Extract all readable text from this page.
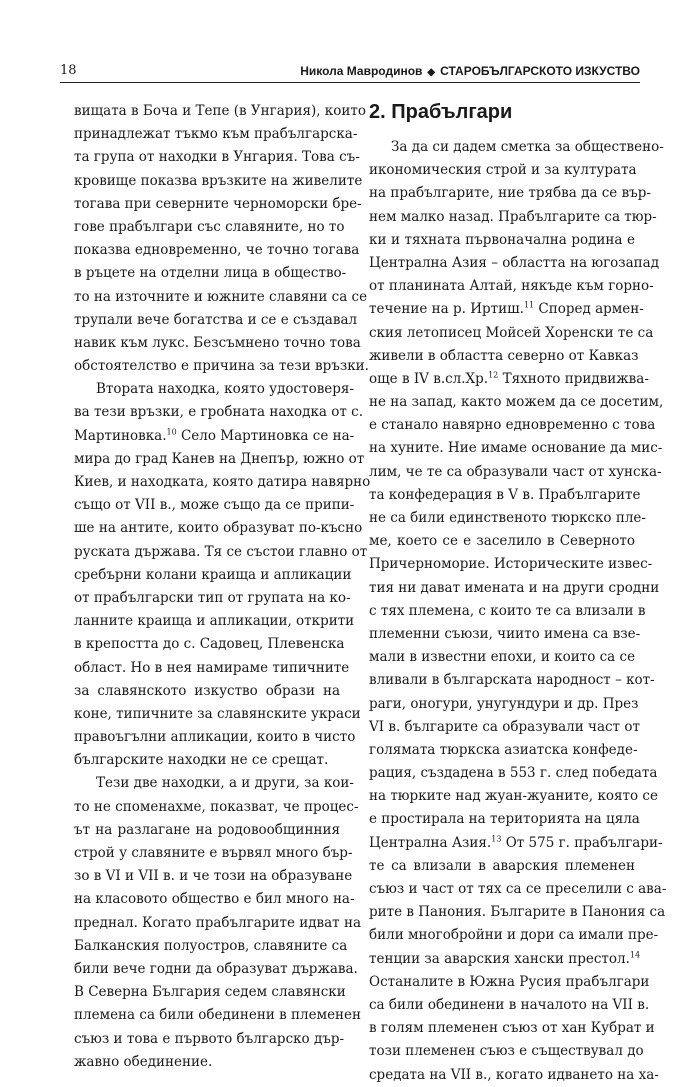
18	Никола Мавродинов ◆ СТАРОБЪЛГАРСКОТО ИЗКУСТВО
вищата в Боча и Тепе (в Унгария), които
принадлежат тъкмо към прабългарска-
та група от находки в Унгария. Това съ-
кровище показва връзките на живелите
тогава при северните черноморски бре-
гове прабългари със славяните, но то
показва едновременно, че точно тогава
в ръцете на отделни лица в общество-
то на източните и южните славяни са се
трупали вече богатства и се е създавал
навик към лукс. Безсъмнено точно това
обстоятелство е причина за тези връзки.
Втората находка, която удостоверя-
ва тези връзки, е гробната находка от с.
Мартиновка.$^{10}$ Село Мартиновка се на-
мира до град Канев на Днепър, южно от
Киев, и находката, която датира навярно
също от VII в., може също да се припи-
ше на антите, които образуват по-късно
руската държава. Тя се състои главно от
сребърни колани краища и апликации
от прабългарски тип от групата на ко-
ланните краища и апликации, открити
в крепостта до с. Садовец, Плевенска
област. Но в нея намираме типичните
за славянското изкуство образи на
коне, типичните за славянските украси
правоъгълни апликации, които в чисто
българските находки не се срещат.
Тези две находки, а и други, за кои-
то не споменахме, показват, че процес-
ът на разлагане на родовообщинния
строй у славяните е вървял много бър-
зо в VI и VII в. и че този на образуване
на класовото общество е бил много на-
преднал. Когато прабългарите идват на
Балканския полуостров, славяните са
били вече годни да образуват държава.
В Северна България седем славянски
племена са били обединени в племенен
съюз и това е първото българско дър-
жавно обединение.
2. Прабългари
За да си дадем сметка за обществено-
икономическия строй и за културата
на прабългарите, ние трябва да се вър-
нем малко назад. Прабългарите са тюр-
ки и тяхната първоначална родина е
Централна Азия – областта на югозапад
от планината Алтай, някъде към горно-
течение на р. Иртиш.$^{11}$ Според армен-
ския летописец Мойсей Хоренски те са
живели в областта северно от Кавказ
още в IV в.сл.Хр.$^{12}$ Тяхното придвижва-
не на запад, както можем да се досетим,
е станало навярно едновременно с това
на хуните. Ние имаме основание да мис-
лим, че те са образували част от хунска-
та конфедерация в V в. Прабългарите
не са били единственото тюркско пле-
ме, което се е заселило в Северното
Причерноморие. Историческите извес-
тия ни дават имената и на други сродни
с тях племена, с които те са влизали в
племенни съюзи, чиито имена са взе-
мали в известни епохи, и които са се
вливали в българската народност – кот-
раги, оногури, унугундури и др. През
VI в. българите са образували част от
голямата тюркска азиатска конфеде-
рация, създадена в 553 г. след победата
на тюрките над жуан-жуаните, която се
е простирала на територията на цяла
Централна Азия.$^{13}$ От 575 г. прабългари-
те са влизали в аварския племенен
съюз и част от тях са се преселили с ава-
рите в Панония. Българите в Панония са
били многобройни и дори са имали пре-
тенции за аварския хански престол.$^{14}$
Останалите в Южна Русия прабългари
са били обединени в началото на VII в.
в голям племенен съюз от хан Кубрат и
този племенен съюз е съществувал до
средата на VII в., когато идването на ха-
